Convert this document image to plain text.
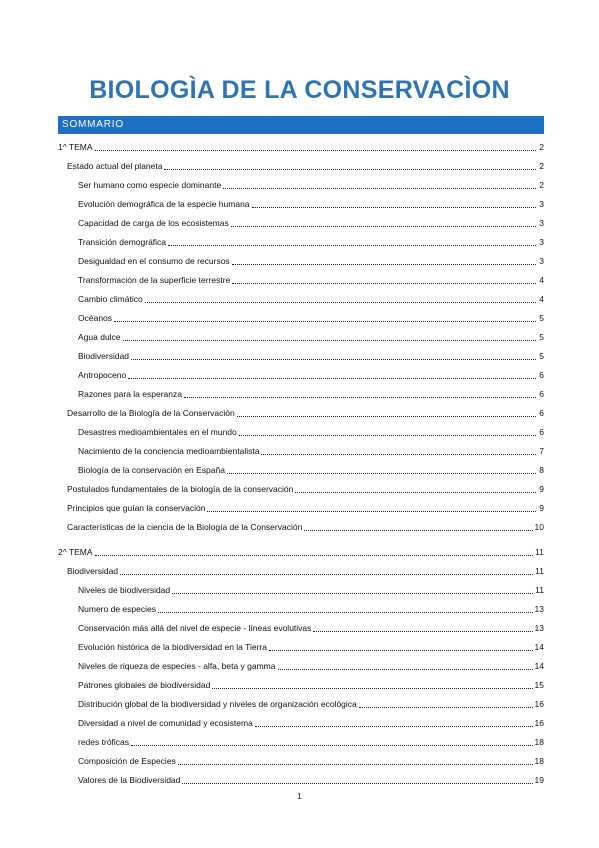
BIOLOGÌA DE LA CONSERVACÌON
SOMMARIO
1^ TEMA	2
Estado actual del planeta	2
Ser humano como especie dominante	2
Evolución demográfica de la especie humana	3
Capacidad de carga de los ecosistemas	3
Transición demográfica	3
Desigualdad en el consumo de recursos	3
Transformación de la superficie terrestre	4
Cambio climático	4
Océanos	5
Agua dulce	5
Biodiversidad	5
Antropoceno	6
Razones para la esperanza	6
Desarrollo de la Biología de la Conservación	6
Desastres medioambientales en el mundo	6
Nacimiento de la conciencia medioambientalista	7
Biología de la conservación en España	8
Postulados fundamentales de la biología de la conservación	9
Principios que guían la conservación	9
Características de la ciencia de la Biología de la Conservación	10
2^ TEMA	11
Biodiversidad	11
Niveles de biodiversidad	11
Numero de especies	13
Conservación más allá del nivel de especie - líneas evolutivas	13
Evolución histórica de la biodiversidad en la Tierra	14
Niveles de riqueza de especies - alfa, beta y gamma	14
Patrones globales de biodiversidad	15
Distribución global de la biodiversidad y niveles de organización ecológica	16
Diversidad a nivel de comunidad y ecosistema	16
redes tróficas	18
Composición de Especies	18
Valores de la Biodiversidad	19
1
